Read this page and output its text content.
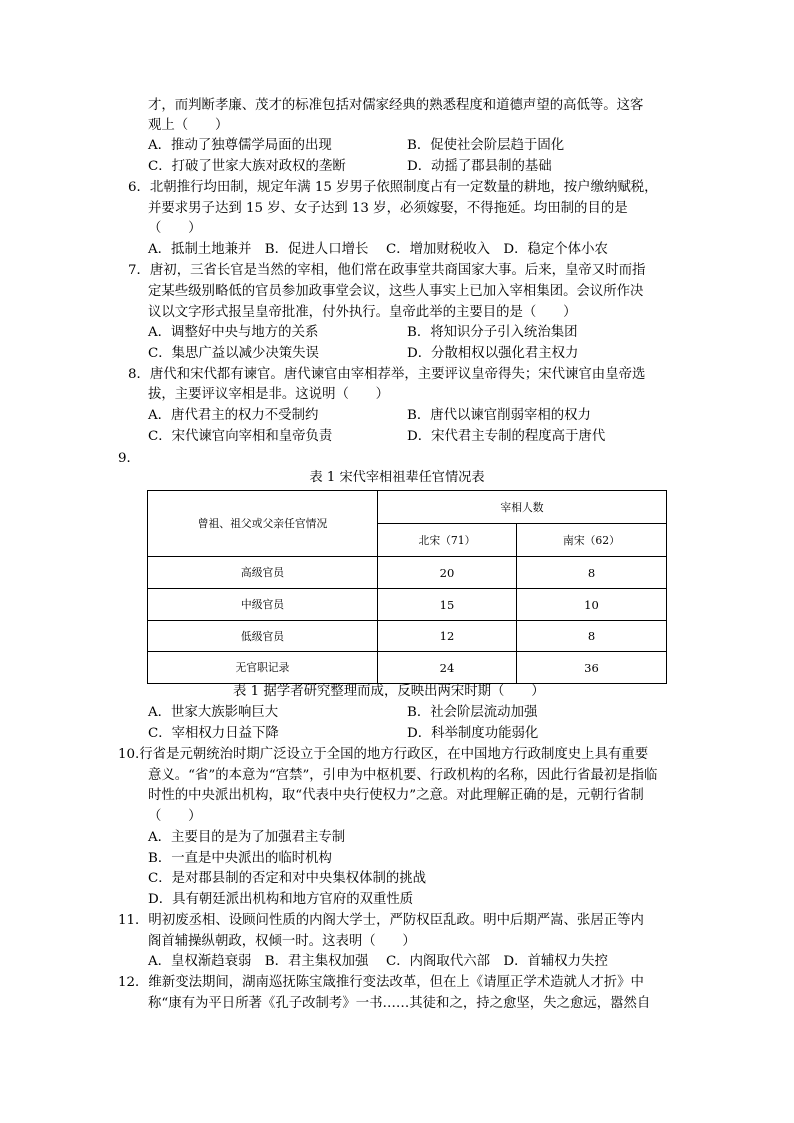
才，而判断孝廉、茂才的标准包括对儒家经典的熟悉程度和道德声望的高低等。这客
观上（　　）
A．推动了独尊儒学局面的出现	B．促使社会阶层趋于固化
C．打破了世家大族对政权的垄断	D．动摇了郡县制的基础
6．北朝推行均田制，规定年满 15 岁男子依照制度占有一定数量的耕地，按户缴纳赋税，
并要求男子达到 15 岁、女子达到 13 岁，必须嫁娶，不得拖延。均田制的目的是
（　　）
A．抵制土地兼并　B．促进人口增长　 C．增加财税收入　D．稳定个体小农
7．唐初，三省长官是当然的宰相，他们常在政事堂共商国家大事。后来，皇帝又时而指
定某些级别略低的官员参加政事堂会议，这些人事实上已加入宰相集团。会议所作决
议以文字形式报呈皇帝批准，付外执行。皇帝此举的主要目的是（　　）
A．调整好中央与地方的关系	B．将知识分子引入统治集团
C．集思广益以减少决策失误	D．分散相权以强化君主权力
8．唐代和宋代都有谏官。唐代谏官由宰相荐举，主要评议皇帝得失；宋代谏官由皇帝选
拔，主要评议宰相是非。这说明（　　）
A．唐代君主的权力不受制约	B．唐代以谏官削弱宰相的权力
C．宋代谏官向宰相和皇帝负责	D．宋代君主专制的程度高于唐代
9．
表 1 宋代宰相祖辈任官情况表
曾祖、祖父或父亲任官情况	宰相人数	
	北宋（71）	南宋（62）
高级官员	20	8
中级官员	15	10
低级官员	12	8
无官职记录	24	36
表 1 据学者研究整理而成，反映出两宋时期（　　）
A．世家大族影响巨大	B．社会阶层流动加强
C．宰相权力日益下降	D．科举制度功能弱化
10.行省是元朝统治时期广泛设立于全国的地方行政区，在中国地方行政制度史上具有重要
意义。“省”的本意为“宫禁”，引申为中枢机要、行政机构的名称，因此行省最初是指临
时性的中央派出机构，取“代表中央行使权力”之意。对此理解正确的是，元朝行省制
（　　）
A．主要目的是为了加强君主专制
B．一直是中央派出的临时机构
C．是对郡县制的否定和对中央集权体制的挑战
D．具有朝廷派出机构和地方官府的双重性质
11．明初废丞相、设顾问性质的内阁大学士，严防权臣乱政。明中后期严嵩、张居正等内
阁首辅操纵朝政，权倾一时。这表明（　　）
A．皇权渐趋衰弱　B．君主集权加强　 C．内阁取代六部　D．首辅权力失控
12．维新变法期间，湖南巡抚陈宝箴推行变法改革，但在上《请厘正学术造就人才折》中
称“康有为平日所著《孔子改制考》一书……其徒和之，持之愈坚，失之愈远，嚣然自
